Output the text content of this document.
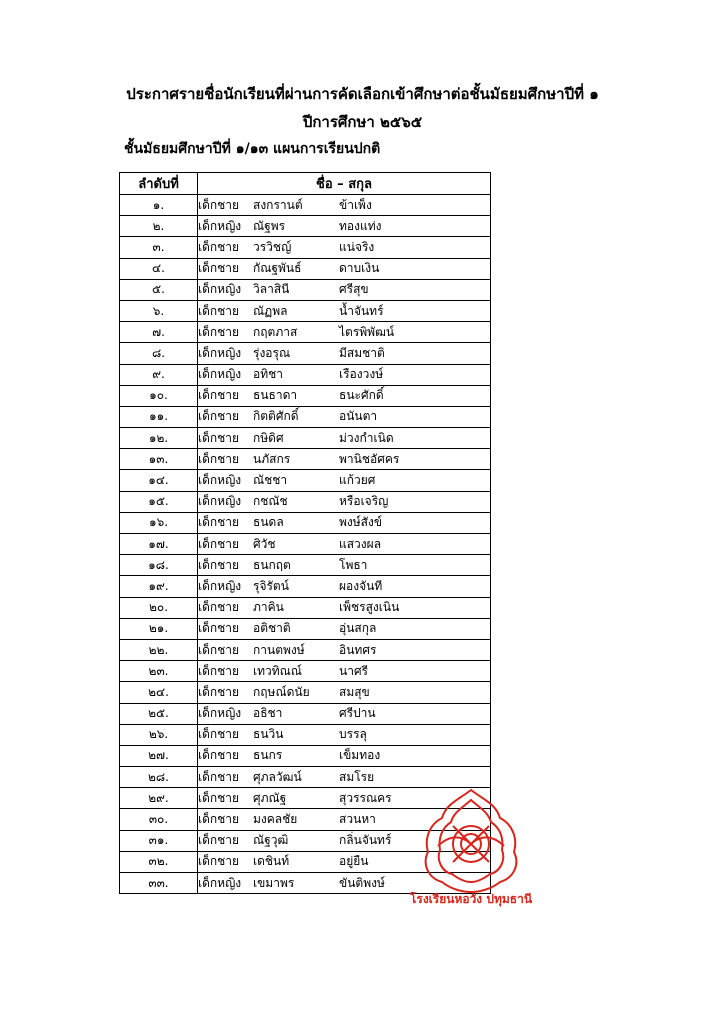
ประกาศรายชื่อนักเรียนที่ผ่านการคัดเลือกเข้าศึกษาต่อชั้นมัธยมศึกษาปีที่ ๑
ปีการศึกษา ๒๕๖๕
ชั้นมัธยมศึกษาปีที่ ๑/๑๓ แผนการเรียนปกติ
ลำดับที่	ชื่อ – สกุล
๑.	เด็กชาย สงกรานต์ ข้าเพ็ง
๒.	เด็กหญิง ณัฐพร ทองแท่ง
๓.	เด็กชาย วรวิชญ์ แน่จริง
๔.	เด็กชาย กัณฐพันธ์ ดาบเงิน
๕.	เด็กหญิง วิลาสินี ศรีสุข
๖.	เด็กชาย ณัฏพล น้ำจันทร์
๗.	เด็กชาย กฤตภาส ไตรพิพัฒน์
๘.	เด็กหญิง รุ่งอรุณ มีสมชาติ
๙.	เด็กหญิง อทิชา เรืองวงษ์
๑๐.	เด็กชาย ธนธาดา ธนะศักดิ์
๑๑.	เด็กชาย กิตติศักดิ์ อนันตา
๑๒.	เด็กชาย กษิดิศ ม่วงกำเนิด
๑๓.	เด็กชาย นภัสกร พานิชอัศคร
๑๔.	เด็กหญิง ณัชชา แก้วยศ
๑๕.	เด็กหญิง กชณัช หรือเจริญ
๑๖.	เด็กชาย ธนดล พงษ์สังข์
๑๗.	เด็กชาย ศิวัช แสวงผล
๑๘.	เด็กชาย ธนกฤต โพธา
๑๙.	เด็กหญิง รุจิรัตน์ ผองจันที
๒๐.	เด็กชาย ภาคิน เพ็ชรสูงเนิน
๒๑.	เด็กชาย อติชาติ อุ่นสกุล
๒๒.	เด็กชาย กานตพงษ์ อินทศร
๒๓.	เด็กชาย เทวทิณณ์ นาศรี
๒๔.	เด็กชาย กฤษณ์ดนัย สมสุข
๒๕.	เด็กหญิง อธิชา ศรีปาน
๒๖.	เด็กชาย ธนวิน บรรลุ
๒๗.	เด็กชาย ธนกร เข็มทอง
๒๘.	เด็กชาย ศุภลวัฒน์ สมโรย
๒๙.	เด็กชาย ศุภณัฐ สุวรรณคร
๓๐.	เด็กชาย มงคลชัย สวนหา
๓๑.	เด็กชาย ณัฐวุฒิ กลิ่นจันทร์
๓๒.	เด็กชาย เดชินท์ อยู่ยืน
๓๓.	เด็กหญิง เขมาพร ขันติพงษ์
โรงเรียนหอวัง ปทุมธานี
